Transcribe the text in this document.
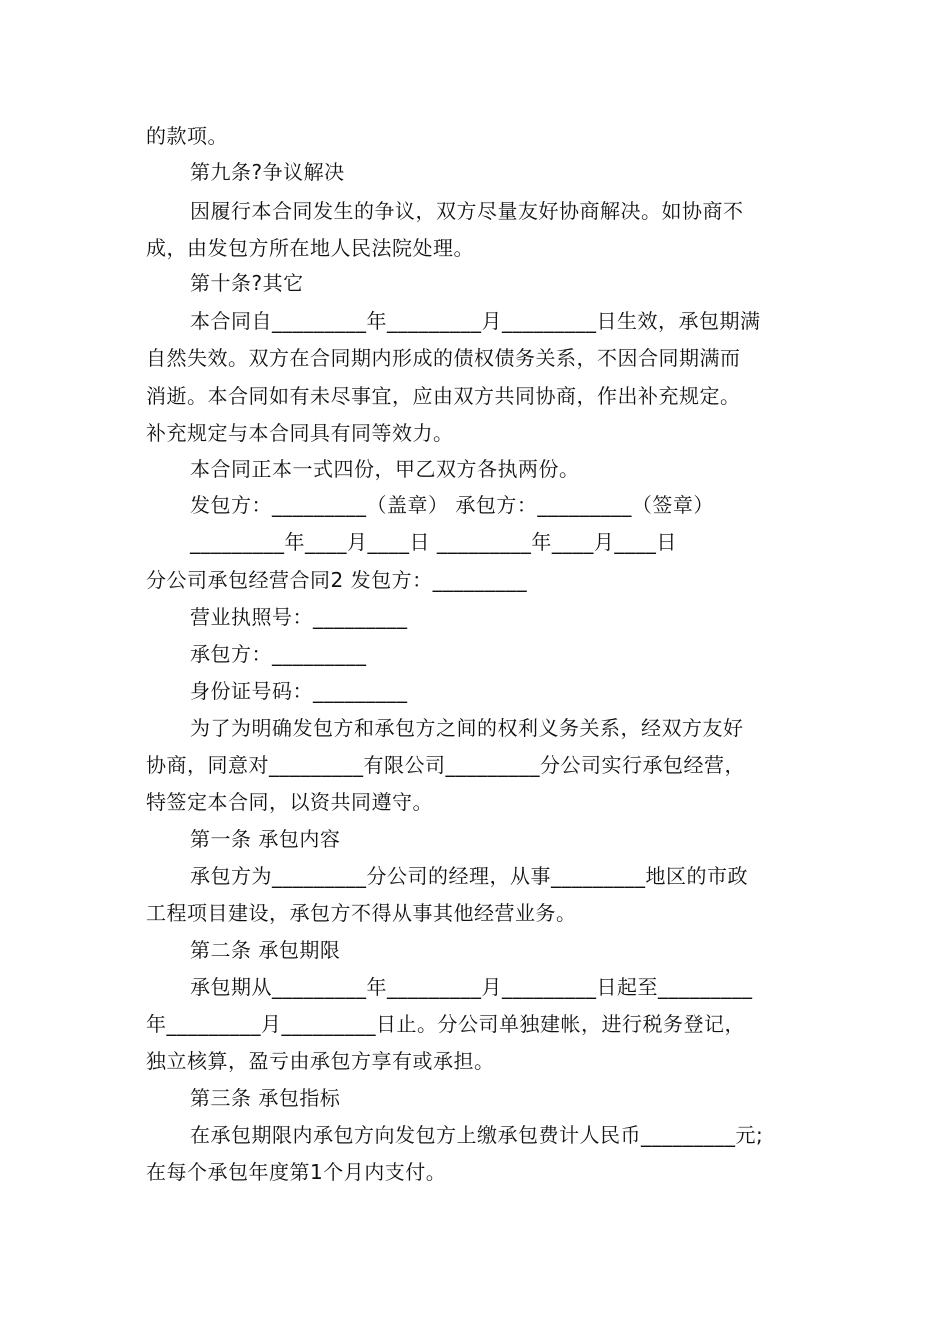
的款项。
第九条?争议解决
因履行本合同发生的争议，双方尽量友好协商解决。如协商不
成，由发包方所在地人民法院处理。
第十条?其它
本合同自_________年_________月_________日生效，承包期满
自然失效。双方在合同期内形成的债权债务关系，不因合同期满而
消逝。本合同如有未尽事宜，应由双方共同协商，作出补充规定。
补充规定与本合同具有同等效力。
本合同正本一式四份，甲乙双方各执两份。
发包方：_________（盖章） 承包方：_________（签章）
_________年____月____日 _________年____月____日
分公司承包经营合同2 发包方：_________
营业执照号：_________
承包方：_________
身份证号码：_________
为了为明确发包方和承包方之间的权利义务关系，经双方友好
协商，同意对_________有限公司_________分公司实行承包经营，
特签定本合同，以资共同遵守。
第一条 承包内容
承包方为_________分公司的经理，从事_________地区的市政
工程项目建设，承包方不得从事其他经营业务。
第二条 承包期限
承包期从_________年_________月_________日起至_________
年_________月_________日止。分公司单独建帐，进行税务登记，
独立核算，盈亏由承包方享有或承担。
第三条 承包指标
在承包期限内承包方向发包方上缴承包费计人民币_________元;
在每个承包年度第1个月内支付。
